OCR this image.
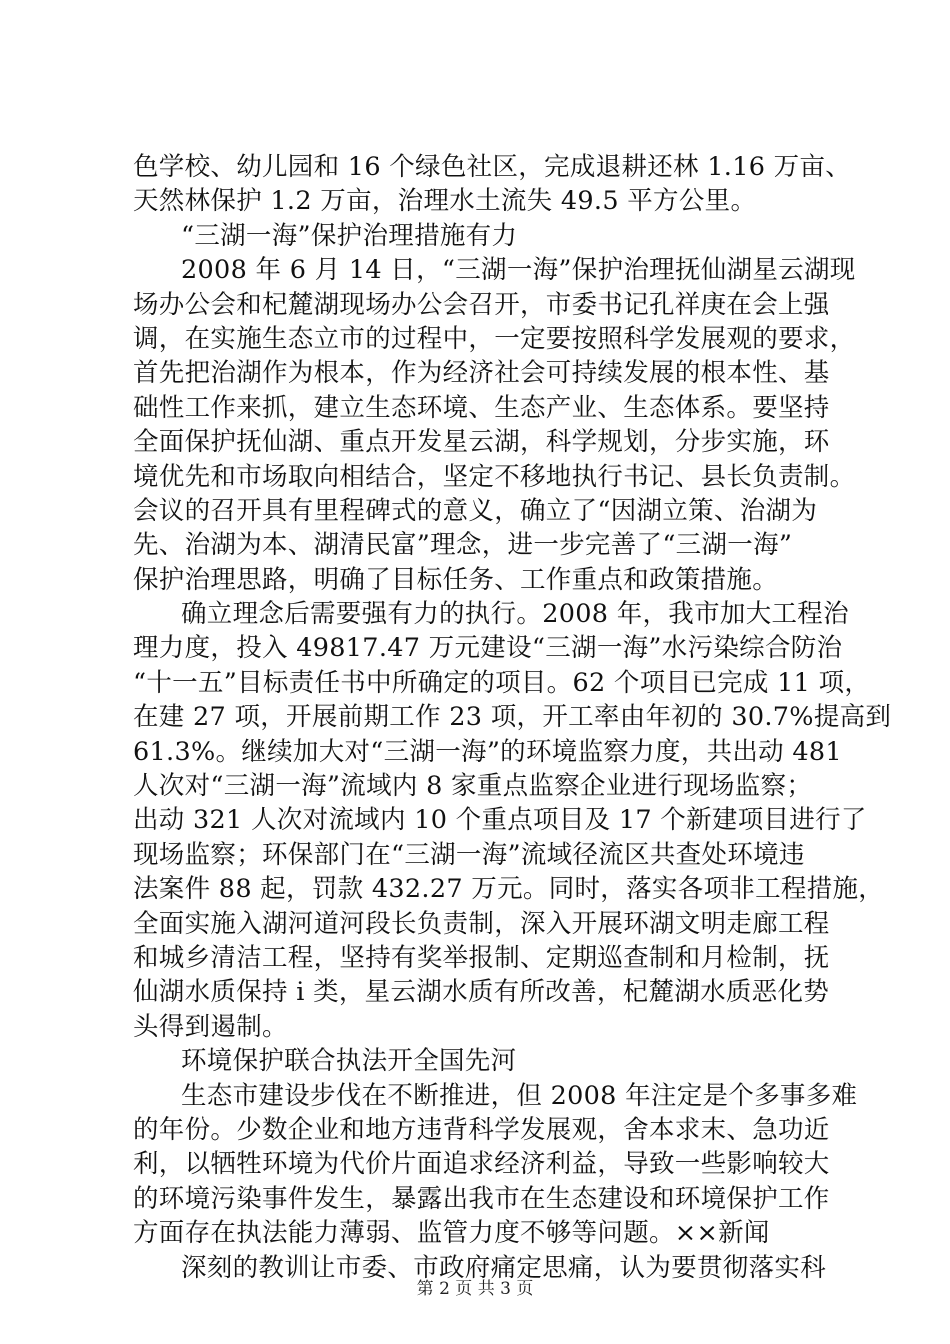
色学校、幼儿园和 16 个绿色社区，完成退耕还林 1.16 万亩、
天然林保护 1.2 万亩，治理水土流失 49.5 平方公里。
“三湖一海”保护治理措施有力
2008 年 6 月 14 日，“三湖一海”保护治理抚仙湖星云湖现
场办公会和杞麓湖现场办公会召开，市委书记孔祥庚在会上强
调，在实施生态立市的过程中，一定要按照科学发展观的要求，
首先把治湖作为根本，作为经济社会可持续发展的根本性、基
础性工作来抓，建立生态环境、生态产业、生态体系。要坚持
全面保护抚仙湖、重点开发星云湖，科学规划，分步实施，环
境优先和市场取向相结合，坚定不移地执行书记、县长负责制。
会议的召开具有里程碑式的意义，确立了“因湖立策、治湖为
先、治湖为本、湖清民富”理念，进一步完善了“三湖一海”
保护治理思路，明确了目标任务、工作重点和政策措施。
确立理念后需要强有力的执行。2008 年，我市加大工程治
理力度，投入 49817.47 万元建设“三湖一海”水污染综合防治
“十一五”目标责任书中所确定的项目。62 个项目已完成 11 项，
在建 27 项，开展前期工作 23 项，开工率由年初的 30.7%提高到
61.3%。继续加大对“三湖一海”的环境监察力度，共出动 481
人次对“三湖一海”流域内 8 家重点监察企业进行现场监察；
出动 321 人次对流域内 10 个重点项目及 17 个新建项目进行了
现场监察；环保部门在“三湖一海”流域径流区共查处环境违
法案件 88 起，罚款 432.27 万元。同时，落实各项非工程措施，
全面实施入湖河道河段长负责制，深入开展环湖文明走廊工程
和城乡清洁工程，坚持有奖举报制、定期巡查制和月检制，抚
仙湖水质保持 i 类，星云湖水质有所改善，杞麓湖水质恶化势
头得到遏制。
环境保护联合执法开全国先河
生态市建设步伐在不断推进，但 2008 年注定是个多事多难
的年份。少数企业和地方违背科学发展观，舍本求末、急功近
利，以牺牲环境为代价片面追求经济利益，导致一些影响较大
的环境污染事件发生，暴露出我市在生态建设和环境保护工作
方面存在执法能力薄弱、监管力度不够等问题。××新闻
深刻的教训让市委、市政府痛定思痛，认为要贯彻落实科
第 2 页 共 3 页
